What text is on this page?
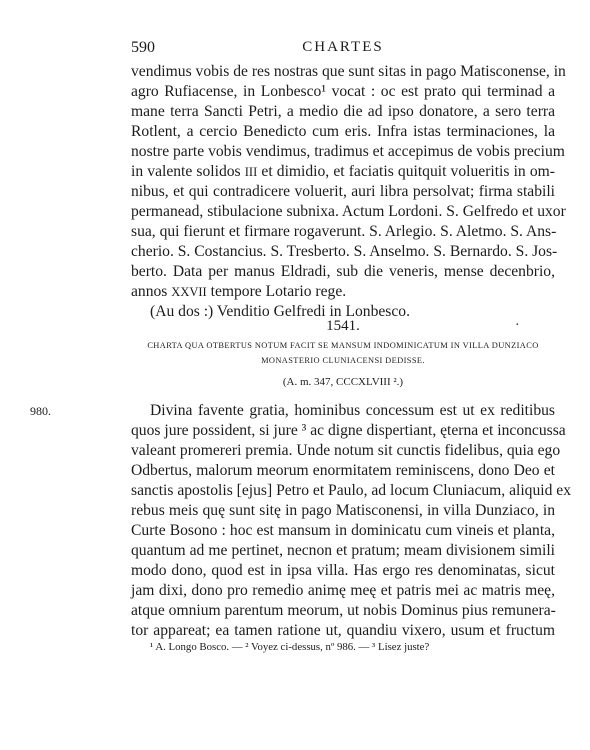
590	CHARTES
vendimus vobis de res nostras que sunt sitas in pago Matisconense, in
agro Rufiacense, in Lonbesco¹ vocat : oc est prato qui terminad a
mane terra Sancti Petri, a medio die ad ipso donatore, a sero terra
Rotlent, a cercio Benedicto cum eris. Infra istas terminaciones, la
nostre parte vobis vendimus, tradimus et accepimus de vobis precium
in valente solidos III et dimidio, et faciatis quitquit volueritis in om-
nibus, et qui contradicere voluerit, auri libra persolvat; firma stabili
permanead, stibulacione subnixa. Actum Lordoni. S. Gelfredo et uxor
sua, qui fierunt et firmare rogaverunt. S. Arlegio. S. Aletmo. S. Ans-
cherio. S. Costancius. S. Tresberto. S. Anselmo. S. Bernardo. S. Jos-
berto. Data per manus Eldradi, sub die veneris, mense decenbrio,
annos XXVII tempore Lotario rege.
(Au dos :) Venditio Gelfredi in Lonbesco.
1541.	·
CHARTA QUA OTBERTUS NOTUM FACIT SE MANSUM INDOMINICATUM IN VILLA DUNZIACO
MONASTERIO CLUNIACENSI DEDISSE.
(A. m. 347, CCCXLVIII ².)
980.	Divina favente gratia, hominibus concessum est ut ex reditibus
quos jure possident, si jure ³ ac digne dispertiant, ęterna et inconcussa
valeant promereri premia. Unde notum sit cunctis fidelibus, quia ego
Odbertus, malorum meorum enormitatem reminiscens, dono Deo et
sanctis apostolis [ejus] Petro et Paulo, ad locum Cluniacum, aliquid ex
rebus meis quę sunt sitę in pago Matisconensi, in villa Dunziaco, in
Curte Bosono : hoc est mansum in dominicatu cum vineis et planta,
quantum ad me pertinet, necnon et pratum; meam divisionem simili
modo dono, quod est in ipsa villa. Has ergo res denominatas, sicut
jam dixi, dono pro remedio animę meę et patris mei ac matris meę,
atque omnium parentum meorum, ut nobis Dominus pius remunera-
tor appareat; ea tamen ratione ut, quandiu vixero, usum et fructum
¹ A. Longo Bosco. — ² Voyez ci-dessus, nº 986. — ³ Lisez juste?
